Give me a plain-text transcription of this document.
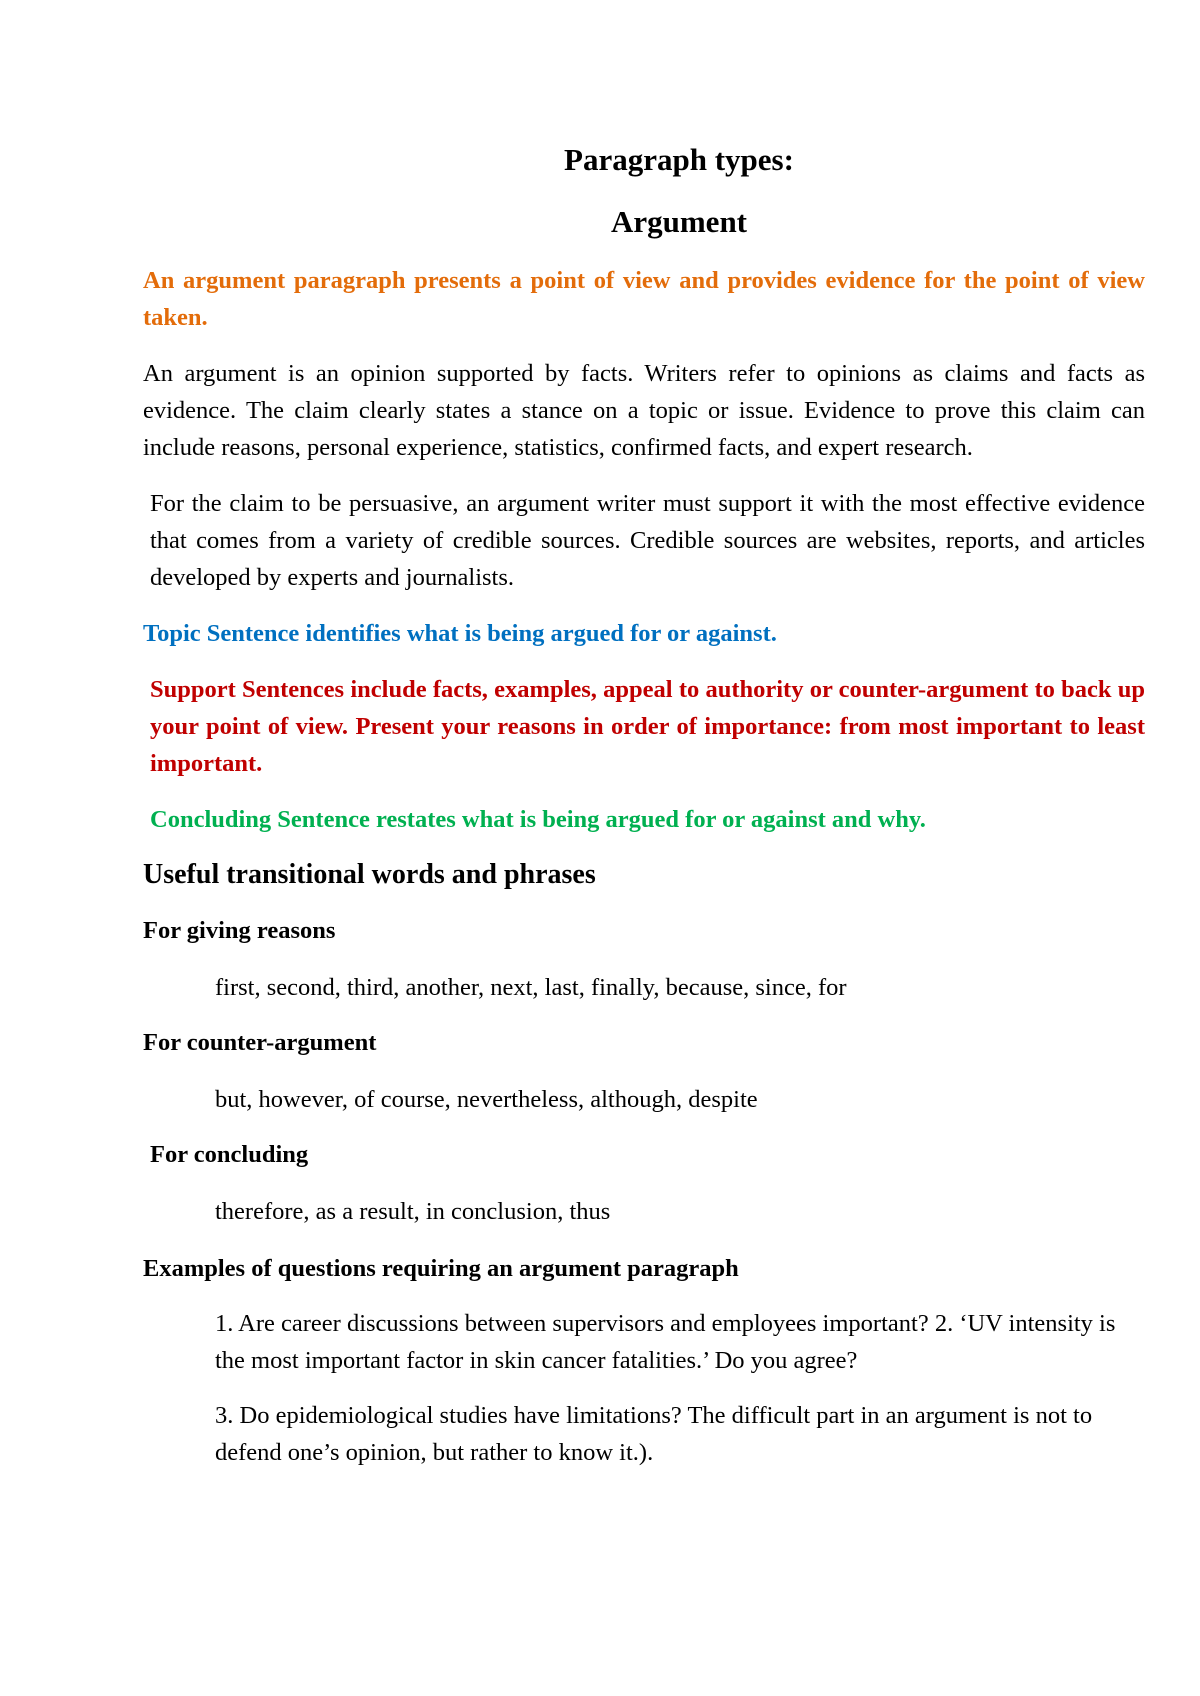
Paragraph types:
Argument

An argument paragraph presents a point of view and provides evidence for the point of view taken.

An argument is an opinion supported by facts. Writers refer to opinions as claims and facts as evidence. The claim clearly states a stance on a topic or issue. Evidence to prove this claim can include reasons, personal experience, statistics, confirmed facts, and expert research.

For the claim to be persuasive, an argument writer must support it with the most effective evidence that comes from a variety of credible sources. Credible sources are websites, reports, and articles developed by experts and journalists.

Topic Sentence identifies what is being argued for or against.

Support Sentences include facts, examples, appeal to authority or counter-argument to back up your point of view. Present your reasons in order of importance: from most important to least important.

Concluding Sentence restates what is being argued for or against and why.

Useful transitional words and phrases
For giving reasons

first, second, third, another, next, last, finally, because, since, for

For counter-argument

but, however, of course, nevertheless, although, despite

For concluding

therefore, as a result, in conclusion, thus

Examples of questions requiring an argument paragraph

1. Are career discussions between supervisors and employees important? 2. ‘UV intensity is the most important factor in skin cancer fatalities.’ Do you agree?

3. Do epidemiological studies have limitations? The difficult part in an argument is not to defend one’s opinion, but rather to know it.).
